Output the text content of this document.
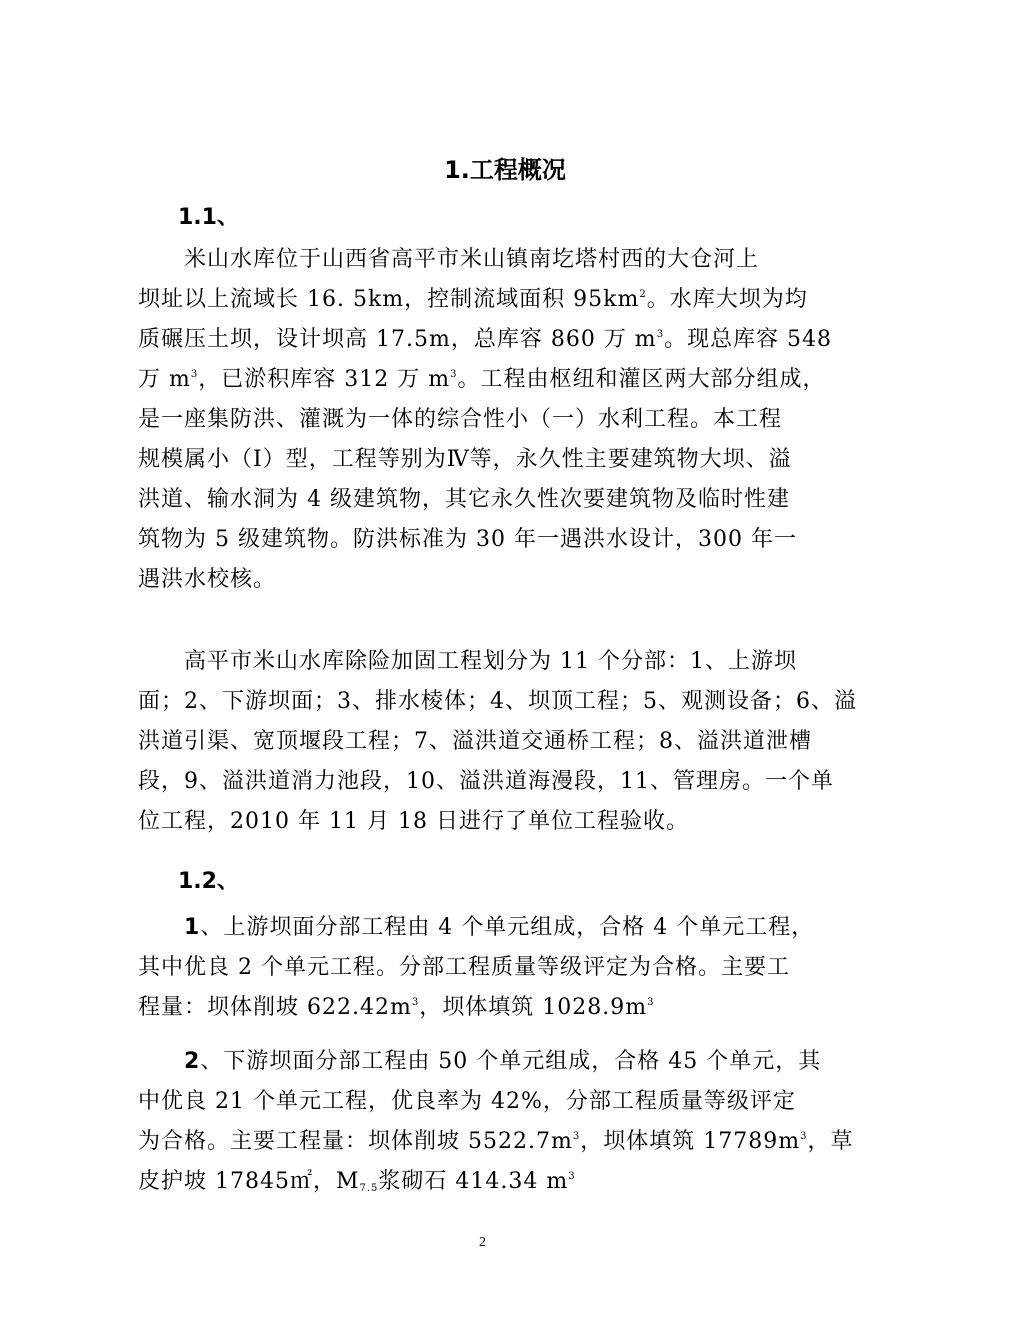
1.工程概况
1.1、
米山水库位于山西省高平市米山镇南圪塔村西的大仓河上
坝址以上流域长 16. 5km，控制流域面积 $95km^2$。水库大坝为均
质碾压土坝，设计坝高 17.5m，总库容 860 万 $m^3$。现总库容 548
万 $m^3$，已淤积库容 312 万 $m^3$。工程由枢纽和灌区两大部分组成，
是一座集防洪、灌溉为一体的综合性小（一）水利工程。本工程
规模属小（Ⅰ）型，工程等别为Ⅳ等，永久性主要建筑物大坝、溢
洪道、输水洞为 4 级建筑物，其它永久性次要建筑物及临时性建
筑物为 5 级建筑物。防洪标准为 30 年一遇洪水设计，300 年一
遇洪水校核。
高平市米山水库除险加固工程划分为 11 个分部：1、上游坝
面；2、下游坝面；3、排水棱体；4、坝顶工程；5、观测设备；6、溢
洪道引渠、宽顶堰段工程；7、溢洪道交通桥工程；8、溢洪道泄槽
段，9、溢洪道消力池段，10、溢洪道海漫段，11、管理房。一个单
位工程，2010 年 11 月 18 日进行了单位工程验收。
1.2、
1、上游坝面分部工程由 4 个单元组成，合格 4 个单元工程，
其中优良 2 个单元工程。分部工程质量等级评定为合格。主要工
程量：坝体削坡 $622.42m^3$，坝体填筑 $1028.9m^3$
2、下游坝面分部工程由 50 个单元组成，合格 45 个单元，其
中优良 21 个单元工程，优良率为 42%，分部工程质量等级评定
为合格。主要工程量：坝体削坡 $5522.7m^3$，坝体填筑 $17789m^3$，草
皮护坡 17845㎡，$M_{7.5}$浆砌石 414.34 $m^3$
2
